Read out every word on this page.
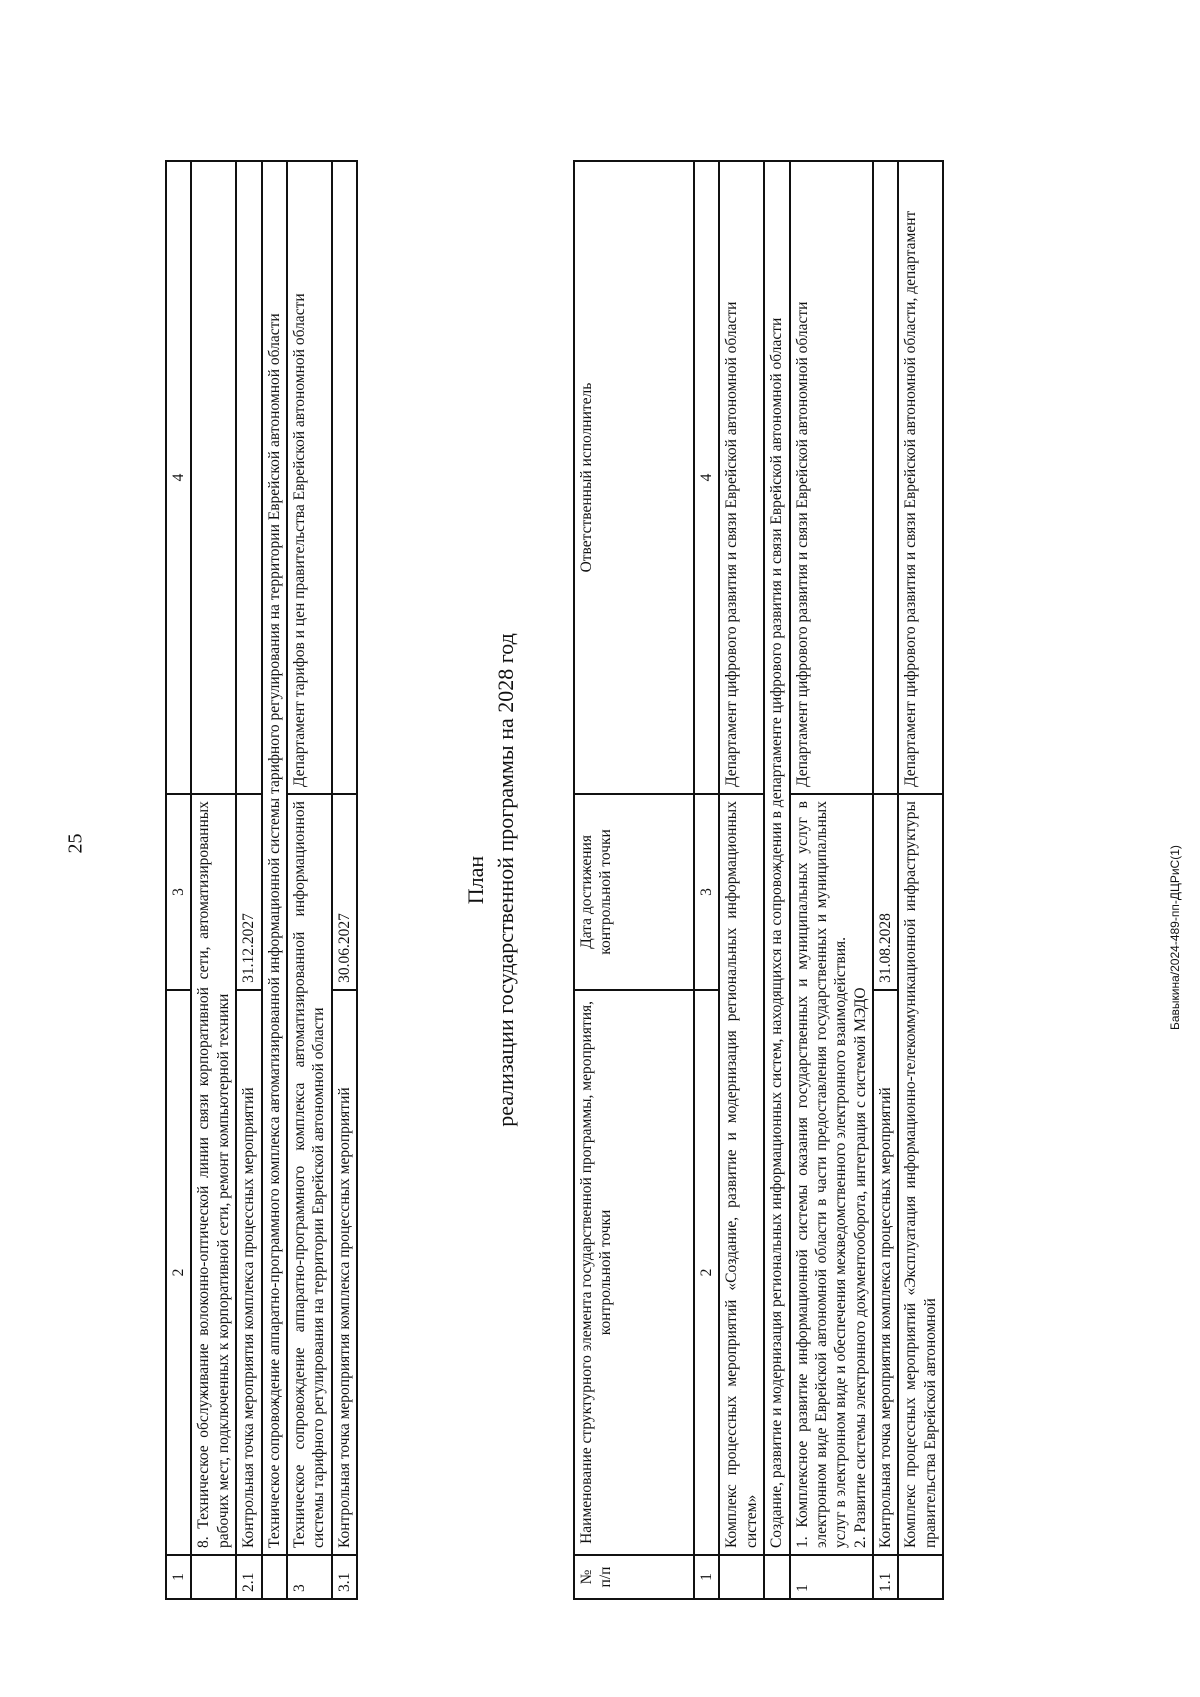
25
1	2	3	4
	8. Техническое обслуживание волоконно-оптической линии связи корпоративной сети, автоматизированных рабочих мест, подключенных к корпоративной сети, ремонт компьютерной техники		
2.1	Контрольная точка мероприятия комплекса процессных мероприятий	31.12.2027	
	Техническое сопровождение аппаратно-программного комплекса автоматизированной информационной системы тарифного регулирования на территории Еврейской автономной области		
3	Техническое сопровождение аппаратно-программного комплекса автоматизированной информационной системы тарифного регулирования на территории Еврейской автономной области		Департамент тарифов и цен правительства Еврейской автономной области
3.1	Контрольная точка мероприятия комплекса процессных мероприятий	30.06.2027	
План реализации государственной программы на 2028 год
№ п/п	Наименование структурного элемента государственной программы, мероприятия, контрольной точки	Дата достижения контрольной точки	Ответственный исполнитель
1	2	3	4
	Комплекс процессных мероприятий «Создание, развитие и модернизация региональных информационных систем»		Департамент цифрового развития и связи Еврейской автономной области
	Создание, развитие и модернизация региональных информационных систем, находящихся на сопровождении в департаменте цифрового развития и связи Еврейской автономной области		
1	1. Комплексное развитие информационной системы оказания государственных и муниципальных услуг в электронном виде Еврейской автономной области в части предоставления государственных и муниципальных услуг в электронном виде и обеспечения межведомственного электронного взаимодействия. 2. Развитие системы электронного документооборота, интеграция с системой МЭДО		Департамент цифрового развития и связи Еврейской автономной области
1.1	Контрольная точка мероприятия комплекса процессных мероприятий	31.08.2028	
	Комплекс процессных мероприятий «Эксплуатация информационно-телекоммуникационной инфраструктуры правительства Еврейской автономной		Департамент цифрового развития и связи Еврейской автономной области, департамент
Бавыкина/2024-489-пп-ДЦРиС(1)
